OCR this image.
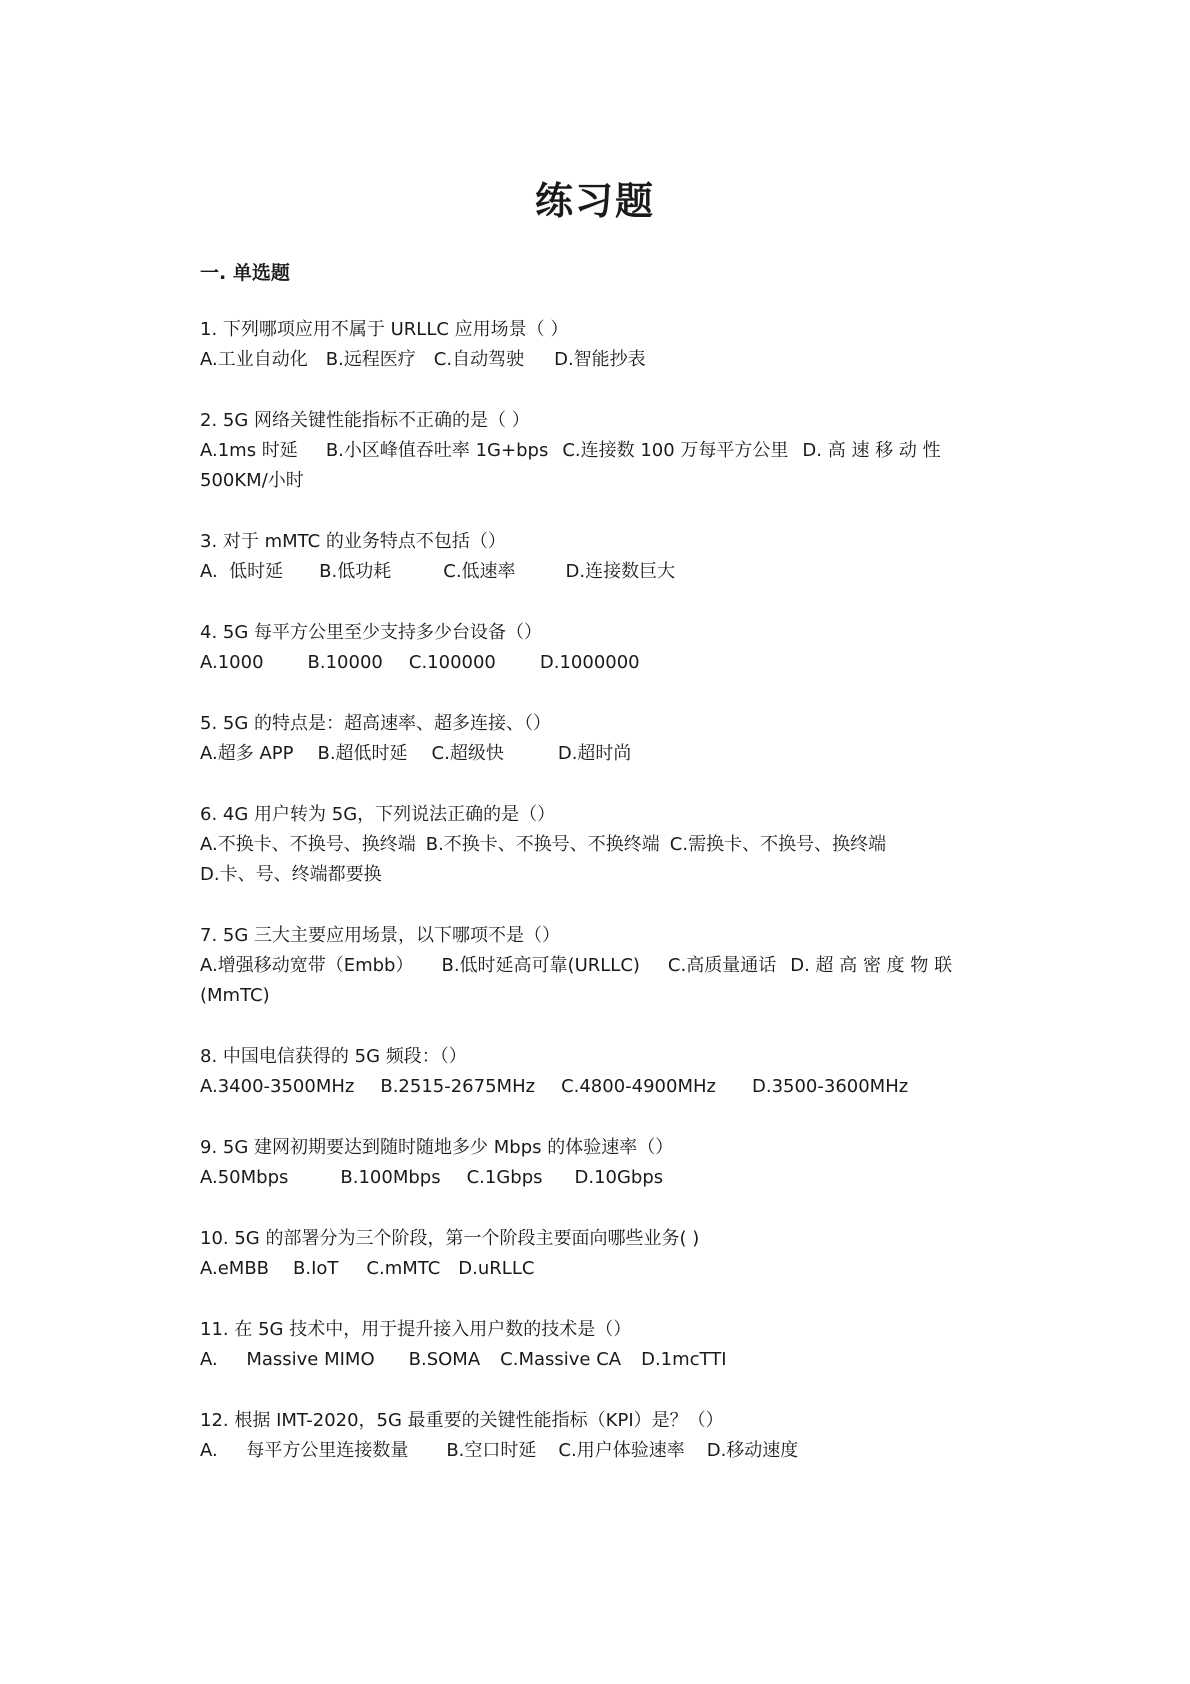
练习题
一. 单选题
1. 下列哪项应用不属于 URLLC 应用场景（ ）
A.工业自动化 B.远程医疗 C.自动驾驶 D.智能抄表
2. 5G 网络关键性能指标不正确的是（ ）
A.1ms 时延 B.小区峰值吞吐率 1G+bps C.连接数 100 万每平方公里 D. 高 速 移 动 性
500KM/小时
3. 对于 mMTC 的业务特点不包括（）
A.  低时延 B.低功耗	C.低速率	D.连接数巨大
4. 5G 每平方公里至少支持多少台设备（）
A.1000 B.10000 C.100000 D.1000000
5. 5G 的特点是：超高速率、超多连接、（）
A.超多 APP B.超低时延 C.超级快	D.超时尚
6. 4G 用户转为 5G，下列说法正确的是（）
A.不换卡、不换号、换终端 B.不换卡、不换号、不换终端 C.需换卡、不换号、换终端
D.卡、号、终端都要换
7. 5G 三大主要应用场景，以下哪项不是（）
A.增强移动宽带（Embb） B.低时延高可靠(URLLC) C.高质量通话 D. 超 高 密 度 物 联
(MmTC)
8. 中国电信获得的 5G 频段：（）
A.3400-3500MHz B.2515-2675MHz C.4800-4900MHz D.3500-3600MHz
9. 5G 建网初期要达到随时随地多少 Mbps 的体验速率（）
A.50Mbps	B.100Mbps C.1Gbps D.10Gbps
10. 5G 的部署分为三个阶段，第一个阶段主要面向哪些业务( )
A.eMBB B.IoT C.mMTC D.uRLLC
11. 在 5G 技术中，用于提升接入用户数的技术是（）
A.     Massive MIMO B.SOMA C.Massive CA D.1mcTTI
12. 根据 IMT-2020，5G 最重要的关键性能指标（KPI）是？（）
A.     每平方公里连接数量 B.空口时延 C.用户体验速率 D.移动速度
